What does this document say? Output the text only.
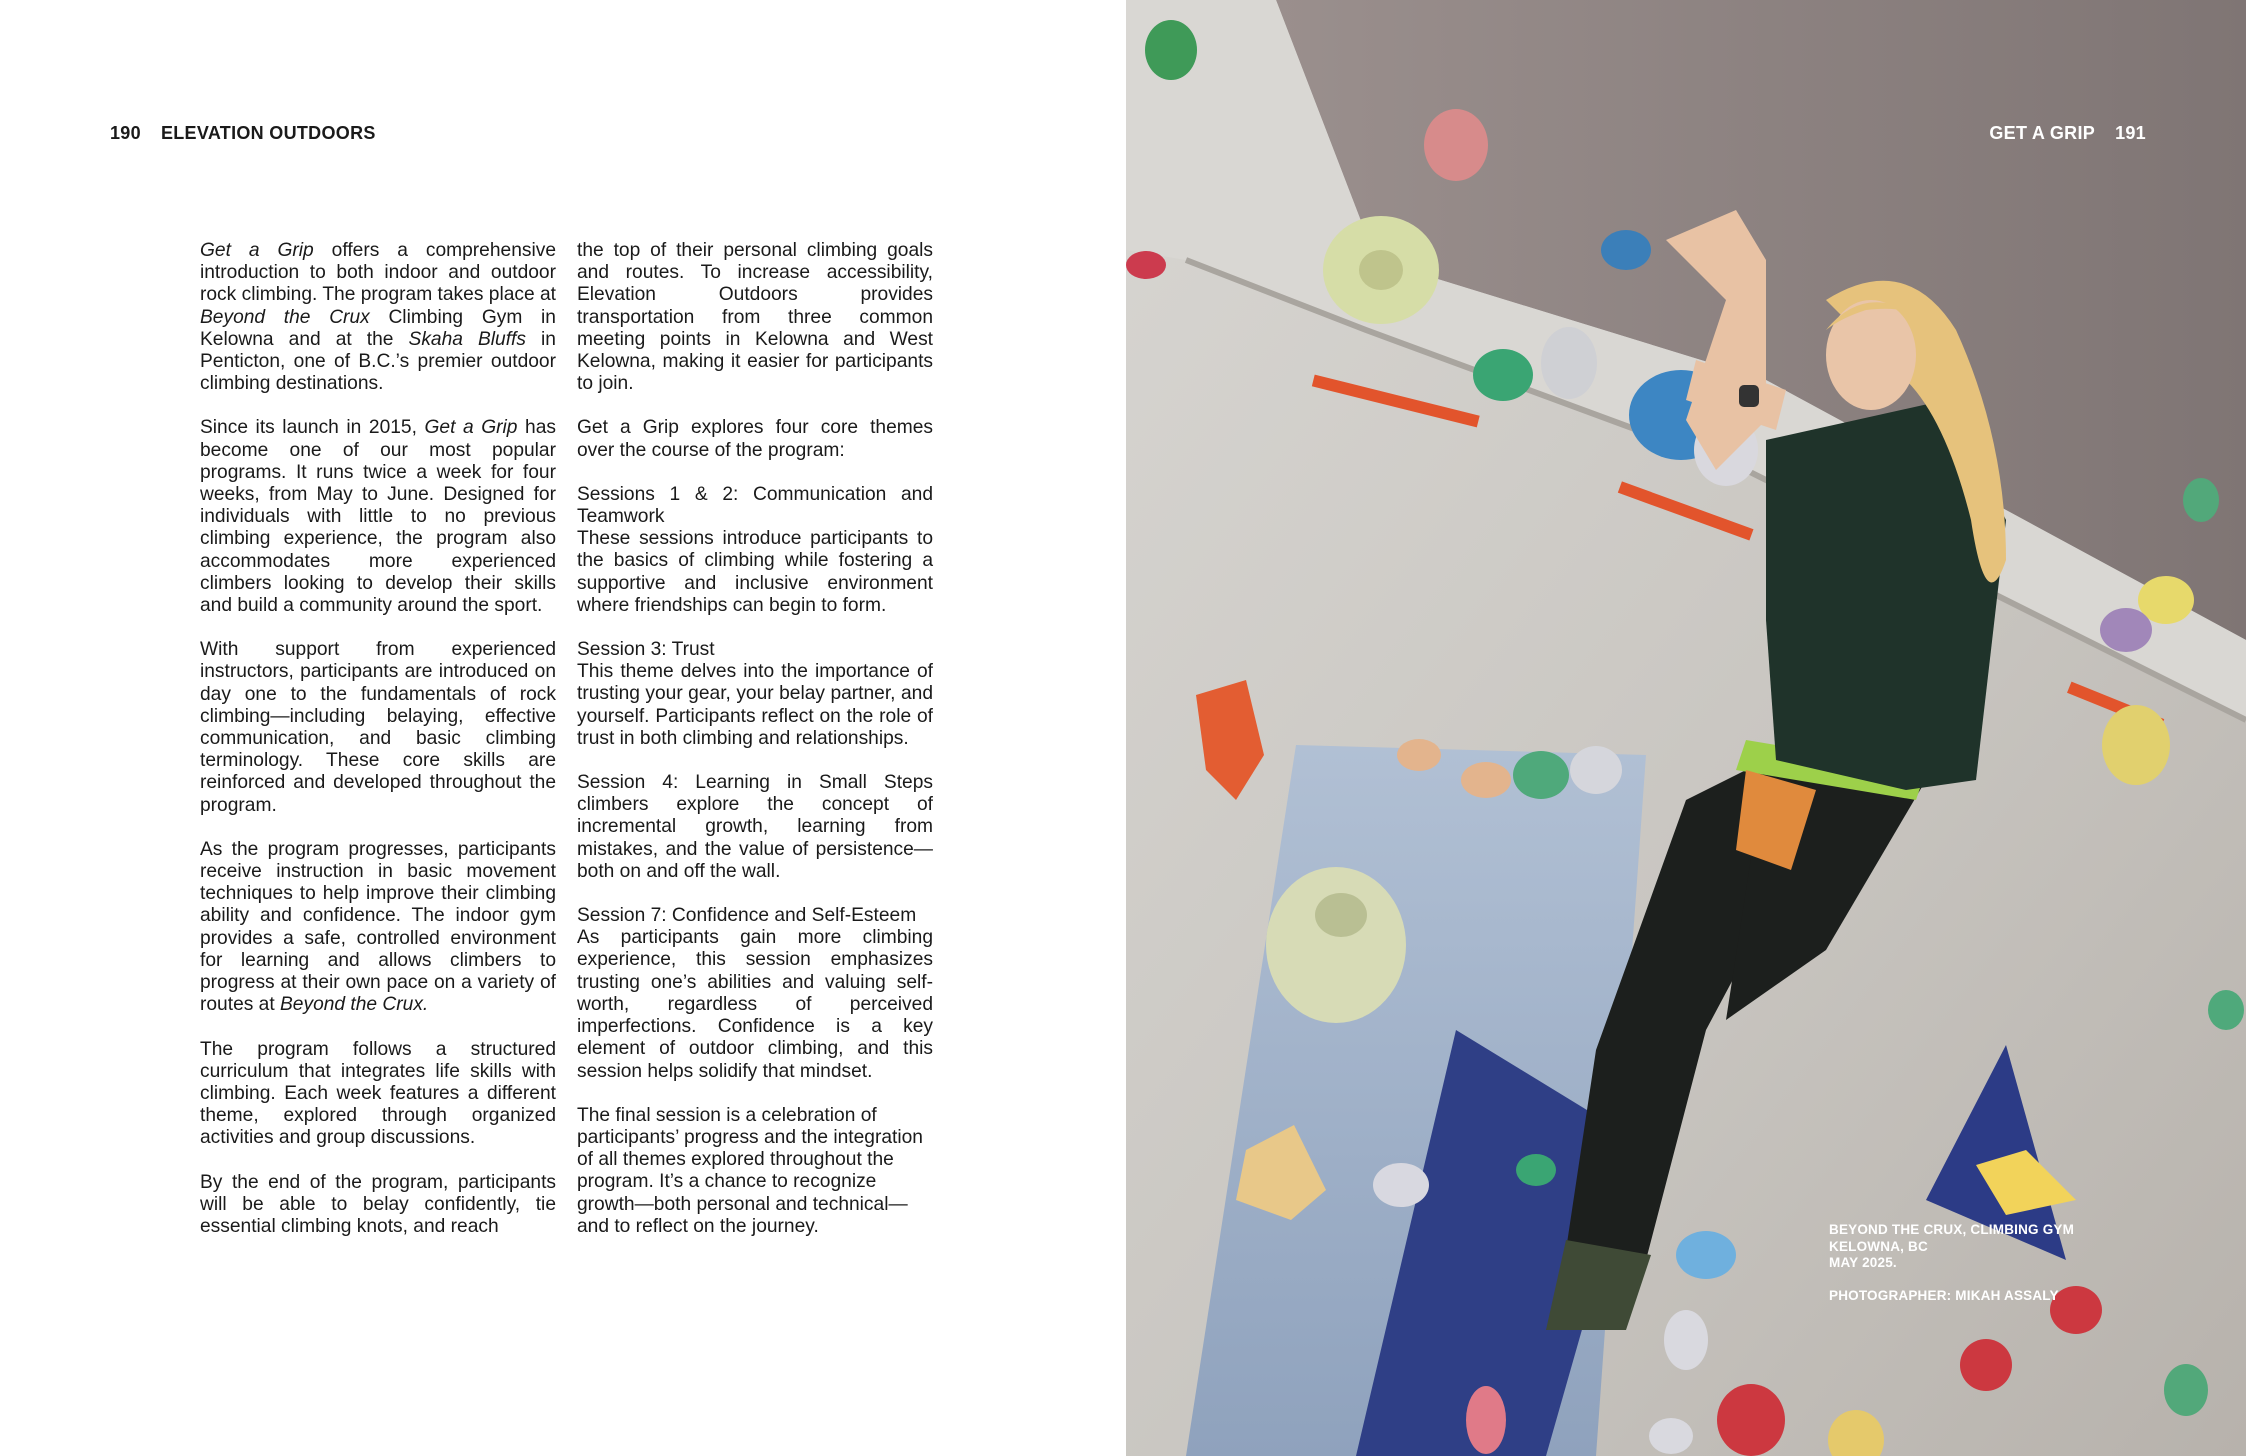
190 ELEVATION OUTDOORS

Get a Grip offers a comprehensive introduction to both indoor and outdoor rock climbing. The program takes place at Beyond the Crux Climbing Gym in Kelowna and at the Skaha Bluffs in Penticton, one of B.C.’s premier outdoor climbing destinations.

Since its launch in 2015, Get a Grip has become one of our most popular programs. It runs twice a week for four weeks, from May to June. Designed for individuals with little to no previous climbing experience, the program also accommodates more experienced climbers looking to develop their skills and build a community around the sport.

With support from experienced instructors, participants are introduced on day one to the fundamentals of rock climbing—including belaying, effective communication, and basic climbing terminology. These core skills are reinforced and developed throughout the program.

As the program progresses, participants receive instruction in basic movement techniques to help improve their climbing ability and confidence. The indoor gym provides a safe, controlled environment for learning and allows climbers to progress at their own pace on a variety of routes at Beyond the Crux.

The program follows a structured curriculum that integrates life skills with climbing. Each week features a different theme, explored through organized activities and group discussions.

By the end of the program, participants will be able to belay confidently, tie essential climbing knots, and reach

the top of their personal climbing goals and routes. To increase accessibility, Elevation Outdoors provides transportation from three common meeting points in Kelowna and West Kelowna, making it easier for participants to join.

Get a Grip explores four core themes over the course of the program:

Sessions 1 & 2: Communication and Teamwork
These sessions introduce participants to the basics of climbing while fostering a supportive and inclusive environment where friendships can begin to form.

Session 3: Trust
This theme delves into the importance of trusting your gear, your belay partner, and yourself. Participants reflect on the role of trust in both climbing and relationships.

Session 4: Learning in Small Steps climbers explore the concept of incremental growth, learning from mistakes, and the value of persistence—both on and off the wall.

Session 7: Confidence and Self-Esteem
As participants gain more climbing experience, this session emphasizes trusting one’s abilities and valuing self-worth, regardless of perceived imperfections. Confidence is a key element of outdoor climbing, and this session helps solidify that mindset.

The final session is a celebration of participants’ progress and the integration of all themes explored throughout the program. It’s a chance to recognize growth—both personal and technical—and to reflect on the journey.

GET A GRIP 191
BEYOND THE CRUX, CLIMBING GYM
KELOWNA, BC
MAY 2025.
PHOTOGRAPHER: MIKAH ASSALY
